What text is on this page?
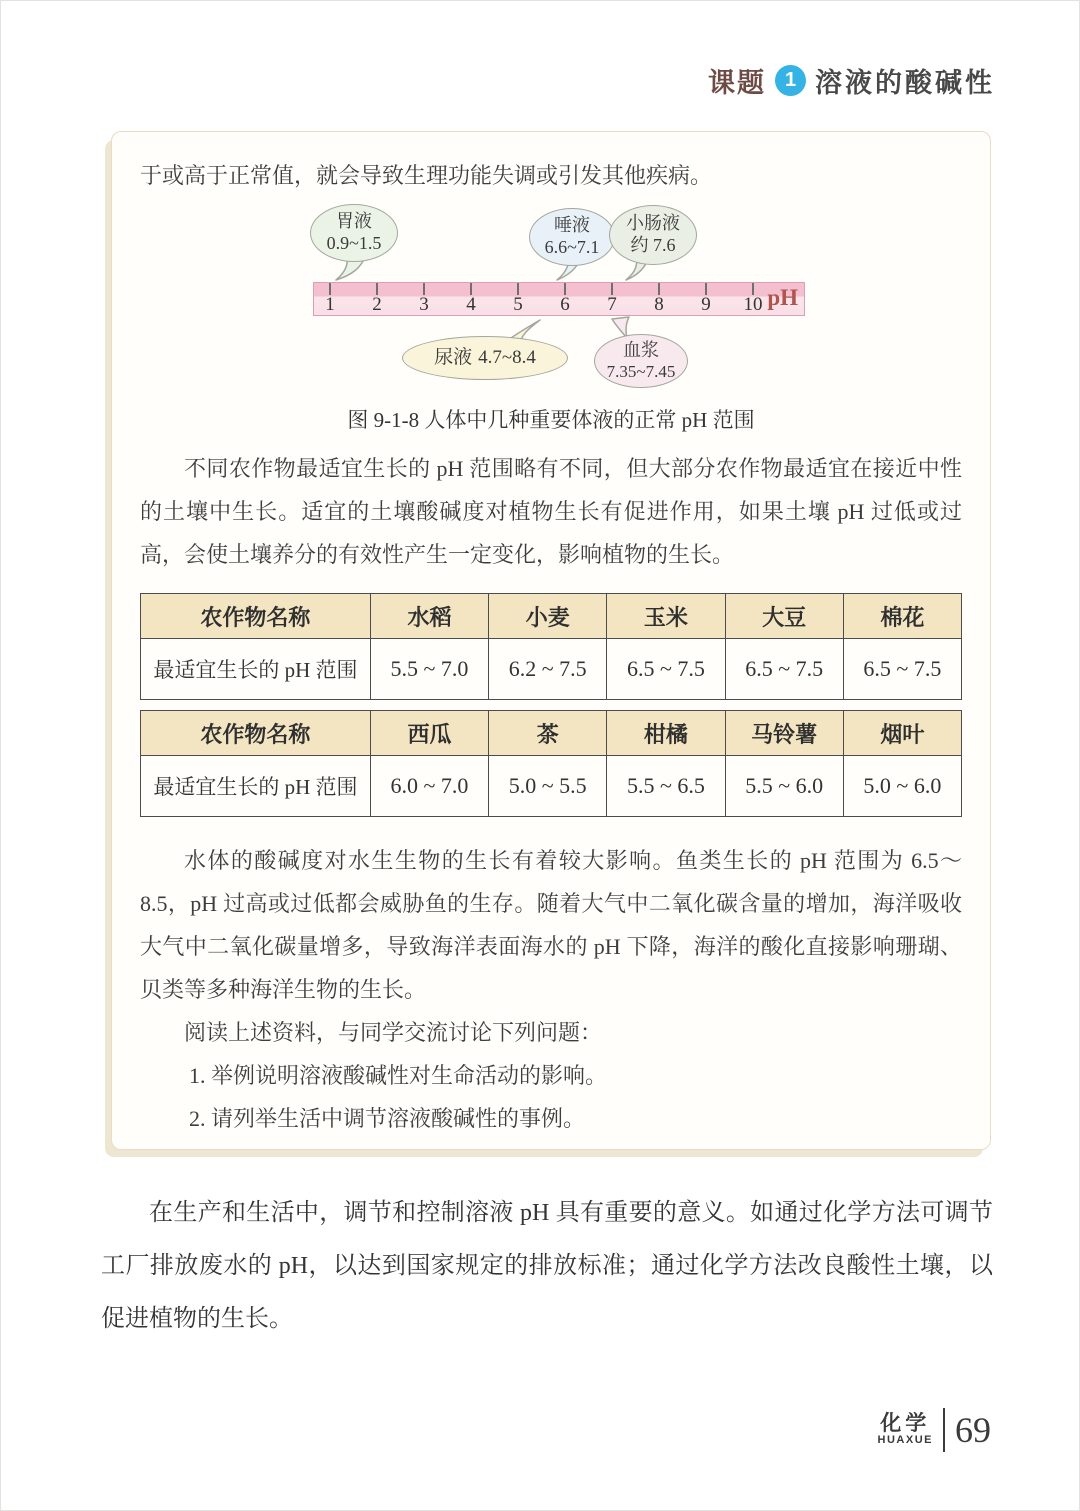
课题 1 溶液的酸碱性

于或高于正常值，就会导致生理功能失调或引发其他疾病。

胃液
0.9~1.5
唾液
6.6~7.1
小肠液
约 7.6
1	2	3	4	5	6	7	8	9	10 pH
尿液 4.7~8.4	血浆
7.35~7.45

图 9-1-8 人体中几种重要体液的正常 pH 范围

不同农作物最适宜生长的 pH 范围略有不同，但大部分农作物最适宜在接近中性的土壤中生长。适宜的土壤酸碱度对植物生长有促进作用，如果土壤 pH 过低或过高，会使土壤养分的有效性产生一定变化，影响植物的生长。

农作物名称	水稻	小麦	玉米	大豆	棉花
最适宜生长的 pH 范围	5.5 ~ 7.0	6.2 ~ 7.5	6.5 ~ 7.5	6.5 ~ 7.5	6.5 ~ 7.5
农作物名称	西瓜	茶	柑橘	马铃薯	烟叶
最适宜生长的 pH 范围	6.0 ~ 7.0	5.0 ~ 5.5	5.5 ~ 6.5	5.5 ~ 6.0	5.0 ~ 6.0

水体的酸碱度对水生生物的生长有着较大影响。鱼类生长的 pH 范围为 6.5～8.5，pH 过高或过低都会威胁鱼的生存。随着大气中二氧化碳含量的增加，海洋吸收大气中二氧化碳量增多，导致海洋表面海水的 pH 下降，海洋的酸化直接影响珊瑚、贝类等多种海洋生物的生长。

阅读上述资料，与同学交流讨论下列问题：

1. 举例说明溶液酸碱性对生命活动的影响。

2. 请列举生活中调节溶液酸碱性的事例。

在生产和生活中，调节和控制溶液 pH 具有重要的意义。如通过化学方法可调节工厂排放废水的 pH，以达到国家规定的排放标准；通过化学方法改良酸性土壤，以促进植物的生长。

化学
HUAXUE 69
